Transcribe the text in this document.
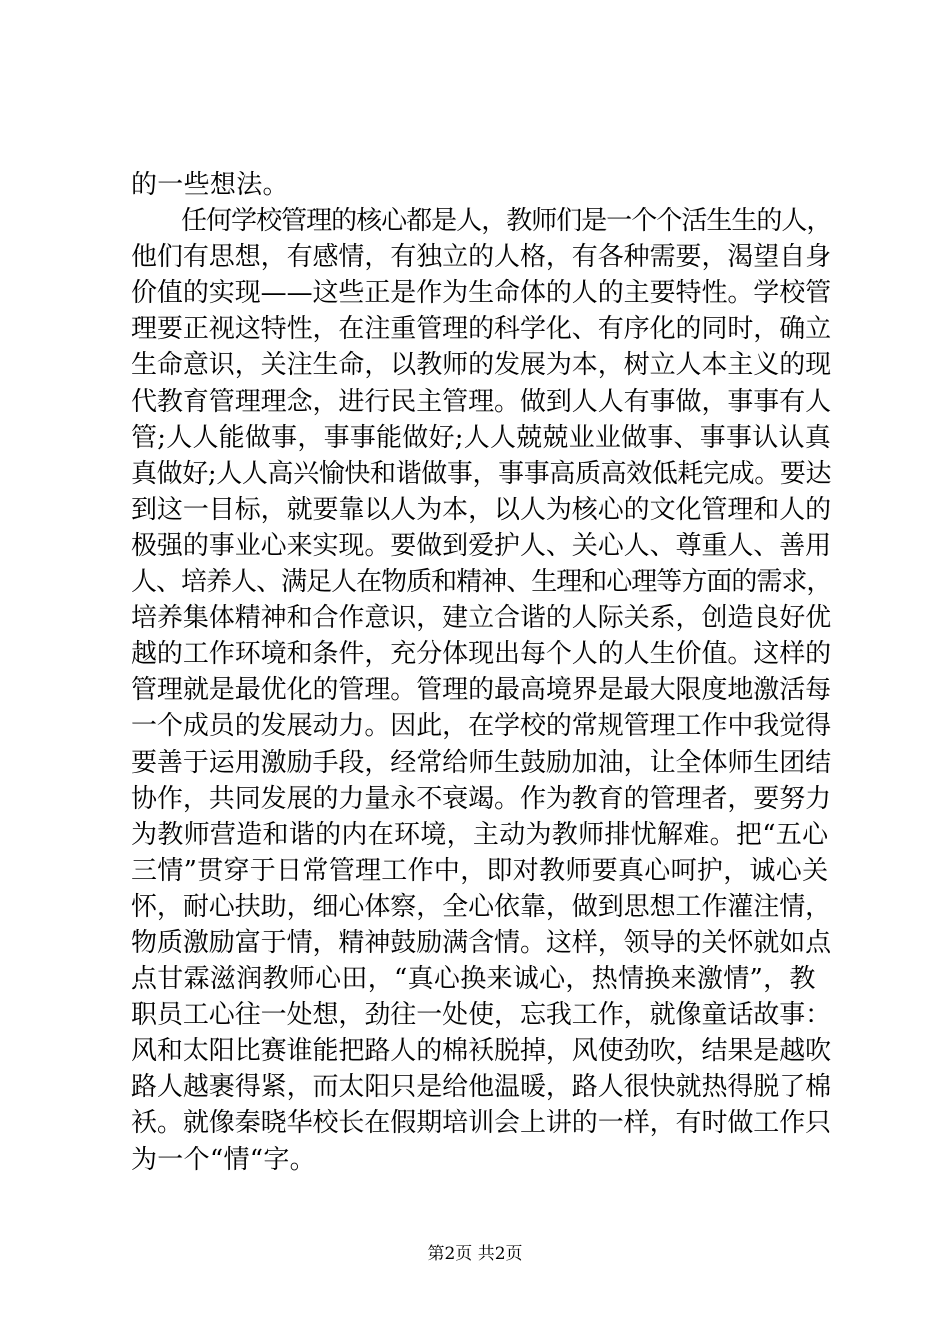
的一些想法。
　　任何学校管理的核心都是人，教师们是一个个活生生的人，
他们有思想，有感情，有独立的人格，有各种需要，渴望自身
价值的实现——这些正是作为生命体的人的主要特性。学校管
理要正视这特性，在注重管理的科学化、有序化的同时，确立
生命意识，关注生命，以教师的发展为本，树立人本主义的现
代教育管理理念，进行民主管理。做到人人有事做，事事有人
管;人人能做事，事事能做好;人人兢兢业业做事、事事认认真
真做好;人人高兴愉快和谐做事，事事高质高效低耗完成。要达
到这一目标，就要靠以人为本，以人为核心的文化管理和人的
极强的事业心来实现。要做到爱护人、关心人、尊重人、善用
人、培养人、满足人在物质和精神、生理和心理等方面的需求，
培养集体精神和合作意识，建立合谐的人际关系，创造良好优
越的工作环境和条件，充分体现出每个人的人生价值。这样的
管理就是最优化的管理。管理的最高境界是最大限度地激活每
一个成员的发展动力。因此，在学校的常规管理工作中我觉得
要善于运用激励手段，经常给师生鼓励加油，让全体师生团结
协作，共同发展的力量永不衰竭。作为教育的管理者，要努力
为教师营造和谐的内在环境，主动为教师排忧解难。把“五心
三情”贯穿于日常管理工作中，即对教师要真心呵护，诚心关
怀，耐心扶助，细心体察，全心依靠，做到思想工作灌注情，
物质激励富于情，精神鼓励满含情。这样，领导的关怀就如点
点甘霖滋润教师心田，“真心换来诚心，热情换来激情”，教
职员工心往一处想，劲往一处使，忘我工作，就像童话故事：
风和太阳比赛谁能把路人的棉袄脱掉，风使劲吹，结果是越吹
路人越裹得紧，而太阳只是给他温暖，路人很快就热得脱了棉
袄。就像秦晓华校长在假期培训会上讲的一样，有时做工作只
为一个“情“字。
第2页 共2页
